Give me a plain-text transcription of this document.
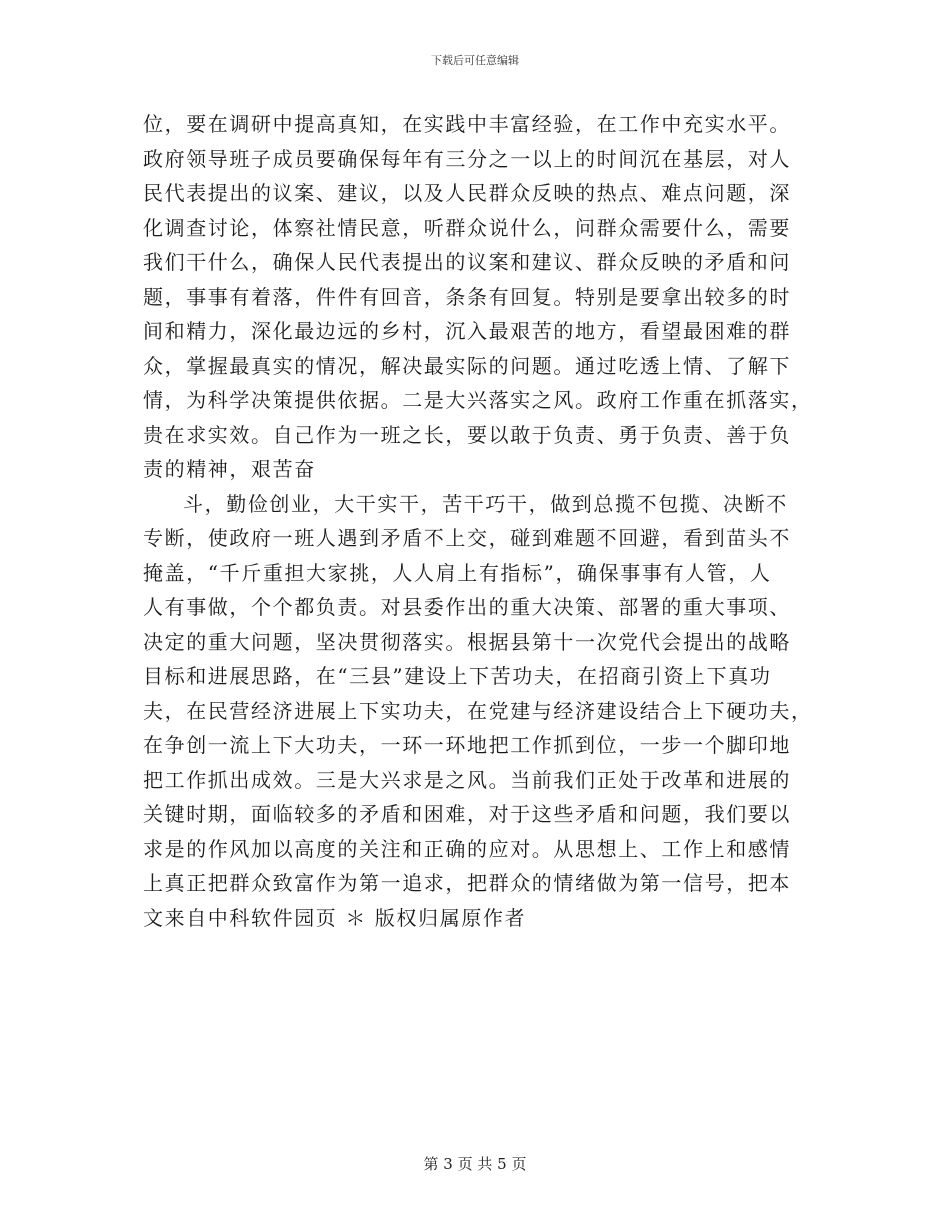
下载后可任意编辑
位，要在调研中提高真知，在实践中丰富经验，在工作中充实水平。
政府领导班子成员要确保每年有三分之一以上的时间沉在基层，对人
民代表提出的议案、建议，以及人民群众反映的热点、难点问题，深
化调查讨论，体察社情民意，听群众说什么，问群众需要什么，需要
我们干什么，确保人民代表提出的议案和建议、群众反映的矛盾和问
题，事事有着落，件件有回音，条条有回复。特别是要拿出较多的时
间和精力，深化最边远的乡村，沉入最艰苦的地方，看望最困难的群
众，掌握最真实的情况，解决最实际的问题。通过吃透上情、了解下
情，为科学决策提供依据。二是大兴落实之风。政府工作重在抓落实，
贵在求实效。自己作为一班之长，要以敢于负责、勇于负责、善于负
责的精神，艰苦奋
斗，勤俭创业，大干实干，苦干巧干，做到总揽不包揽、决断不
专断，使政府一班人遇到矛盾不上交，碰到难题不回避，看到苗头不
掩盖，“千斤重担大家挑，人人肩上有指标”，确保事事有人管，人
人有事做，个个都负责。对县委作出的重大决策、部署的重大事项、
决定的重大问题，坚决贯彻落实。根据县第十一次党代会提出的战略
目标和进展思路，在“三县”建设上下苦功夫，在招商引资上下真功
夫，在民营经济进展上下实功夫，在党建与经济建设结合上下硬功夫，
在争创一流上下大功夫，一环一环地把工作抓到位，一步一个脚印地
把工作抓出成效。三是大兴求是之风。当前我们正处于改革和进展的
关键时期，面临较多的矛盾和困难，对于这些矛盾和问题，我们要以
求是的作风加以高度的关注和正确的应对。从思想上、工作上和感情
上真正把群众致富作为第一追求，把群众的情绪做为第一信号，把本
文来自中科软件园页 ＊ 版权归属原作者
第 3 页 共 5 页
